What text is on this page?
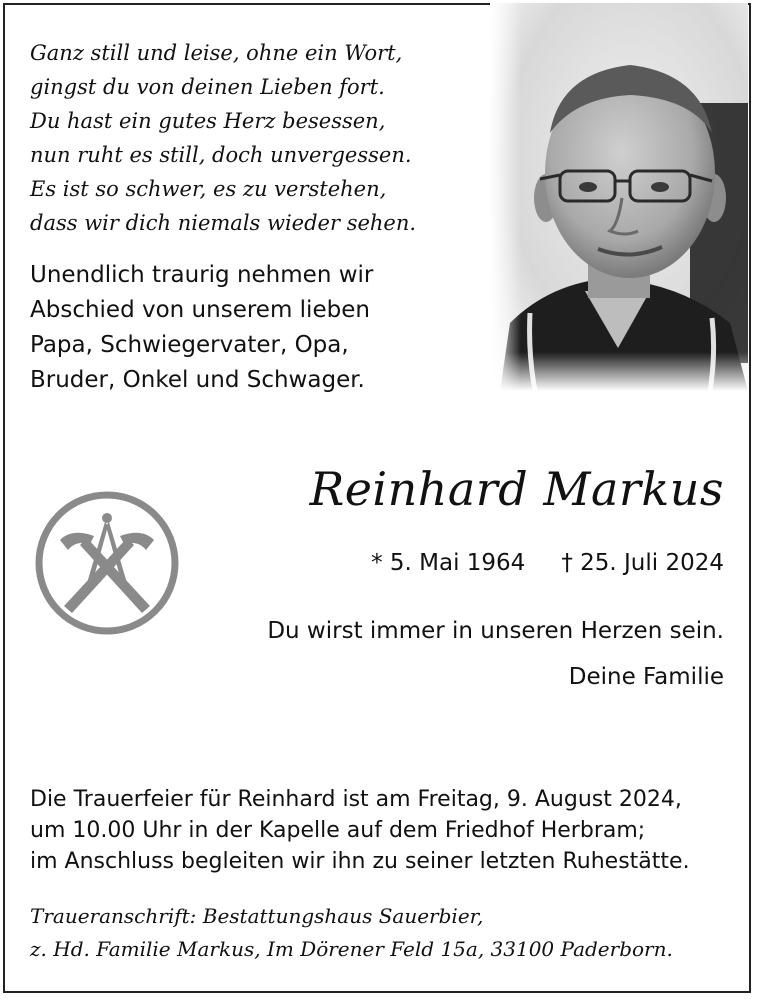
Ganz still und leise, ohne ein Wort,
gingst du von deinen Lieben fort.
Du hast ein gutes Herz besessen,
nun ruht es still, doch unvergessen.
Es ist so schwer, es zu verstehen,
dass wir dich niemals wieder sehen.
Unendlich traurig nehmen wir
Abschied von unserem lieben
Papa, Schwiegervater, Opa,
Bruder, Onkel und Schwager.
Reinhard Markus
* 5. Mai 1964 † 25. Juli 2024
Du wirst immer in unseren Herzen sein.
Deine Familie
Die Trauerfeier für Reinhard ist am Freitag, 9. August 2024,
um 10.00 Uhr in der Kapelle auf dem Friedhof Herbram;
im Anschluss begleiten wir ihn zu seiner letzten Ruhestätte.
Traueranschrift: Bestattungshaus Sauerbier,
z. Hd. Familie Markus, Im Dörener Feld 15a, 33100 Paderborn.
